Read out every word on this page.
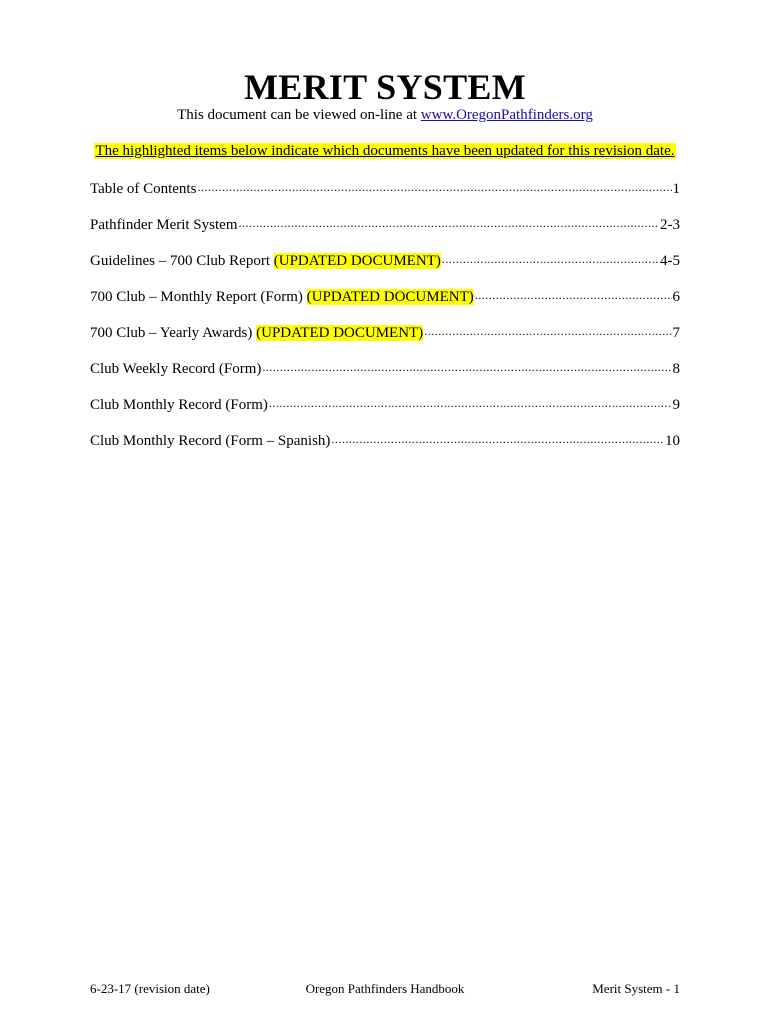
MERIT SYSTEM
This document can be viewed on-line at www.OregonPathfinders.org
The highlighted items below indicate which documents have been updated for this revision date.
Table of Contents .....	1
Pathfinder Merit System .....	2-3
Guidelines – 700 Club Report (UPDATED DOCUMENT) .....	4-5
700 Club – Monthly Report (Form) (UPDATED DOCUMENT) .....	6
700 Club – Yearly Awards) (UPDATED DOCUMENT) .....	7
Club Weekly Record (Form) .....	8
Club Monthly Record (Form) .....	9
Club Monthly Record (Form – Spanish) .....	10
6-23-17 (revision date)	Oregon Pathfinders Handbook	Merit System - 1
